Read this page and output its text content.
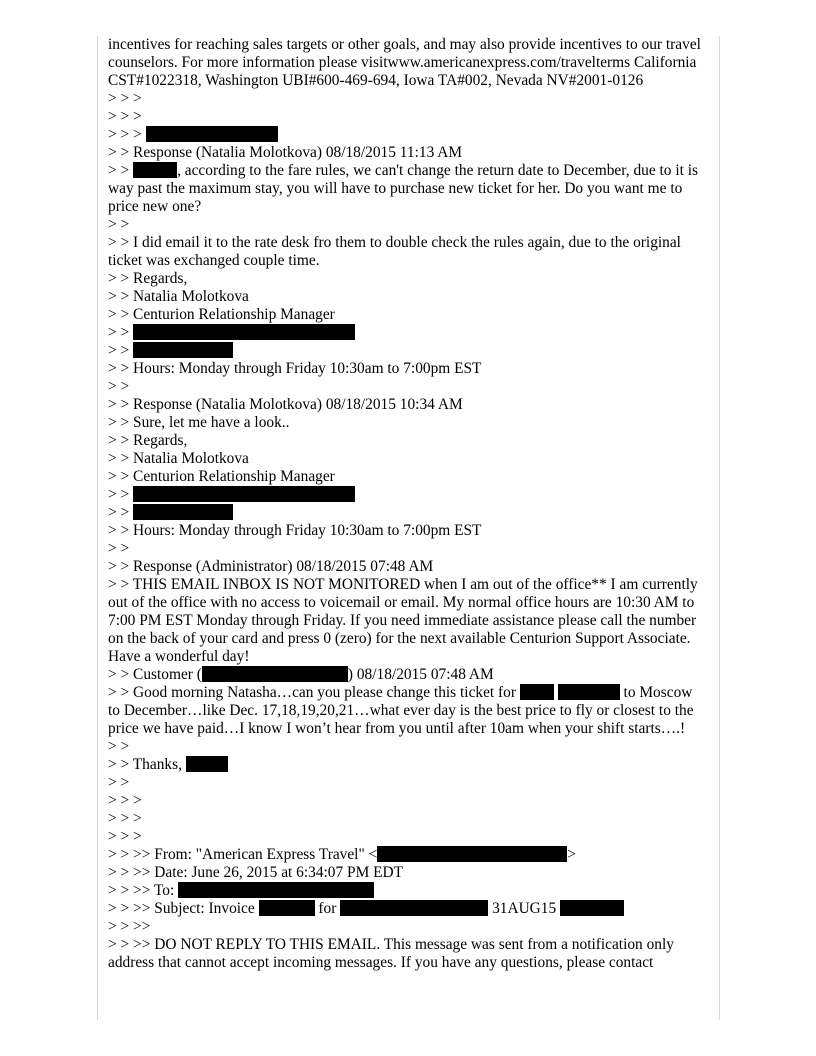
incentives for reaching sales targets or other goals, and may also provide incentives to our travel counselors. For more information please visitwww.americanexpress.com/travelterms California CST#1022318, Washington UBI#600-469-694, Iowa TA#002, Nevada NV#2001-0126
> > >
> > >
> > >
> > Response (Natalia Molotkova) 08/18/2015 11:13 AM
> >	, according to the fare rules, we can't change the return date to December, due to it is way past the maximum stay, you will have to purchase new ticket for her. Do you want me to price new one?
> >
> > I did email it to the rate desk fro them to double check the rules again, due to the original ticket was exchanged couple time.
> > Regards,
> > Natalia Molotkova
> > Centurion Relationship Manager
> >
> >
> > Hours: Monday through Friday 10:30am to 7:00pm EST
> >
> > Response (Natalia Molotkova) 08/18/2015 10:34 AM
> > Sure, let me have a look..
> > Regards,
> > Natalia Molotkova
> > Centurion Relationship Manager
> >
> >
> > Hours: Monday through Friday 10:30am to 7:00pm EST
> >
> > Response (Administrator) 08/18/2015 07:48 AM
> > THIS EMAIL INBOX IS NOT MONITORED when I am out of the office** I am currently out of the office with no access to voicemail or email. My normal office hours are 10:30 AM to 7:00 PM EST Monday through Friday. If you need immediate assistance please call the number on the back of your card and press 0 (zero) for the next available Centurion Support Associate. Have a wonderful day!
> > Customer (	) 08/18/2015 07:48 AM
> > Good morning Natasha…can you please change this ticket for	to Moscow to December…like Dec. 17,18,19,20,21…what ever day is the best price to fly or closest to the price we have paid…I know I won’t hear from you until after 10am when your shift starts….!
> >
> > Thanks,
> >
> > >
> > >
> > >
> > >> From: "American Express Travel" <	>
> > >> Date: June 26, 2015 at 6:34:07 PM EDT
> > >> To:
> > >> Subject: Invoice	for	31AUG15
> > >>
> > >> DO NOT REPLY TO THIS EMAIL. This message was sent from a notification only address that cannot accept incoming messages. If you have any questions, please contact
